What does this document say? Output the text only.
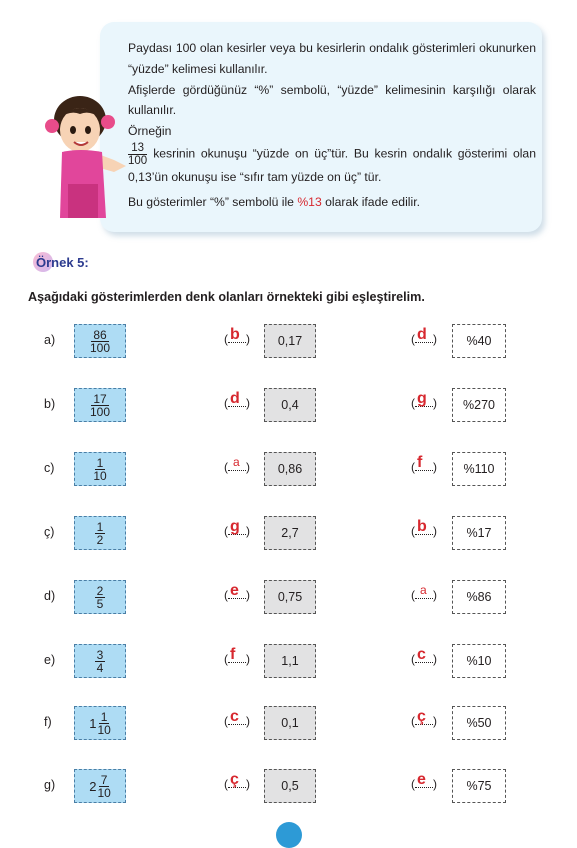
Paydası 100 olan kesirler veya bu kesirlerin ondalık gösterimleri okunurken “yüzde” kelimesi kullanılır.

Afişlerde gördüğünüz “%” sembolü, “yüzde” kelimesinin karşılığı olarak kullanılır.

Örneğin

$\frac{13}{100}$ kesrinin okunuşu “yüzde on üç”tür. Bu kesrin ondalık gösterimi olan 0,13’ün okunuşu ise “sıfır tam yüzde on üç” tür.

Bu gösterimler “%” sembolü ile %13 olarak ifade edilir.

Örnek 5:
Aşağıdaki gösterimlerden denk olanları örnekteki gibi eşleştirelim.
a)	$\frac{86}{100}$	( b )	0,17	( d )	%40
b)	$\frac{17}{100}$	( d )	0,4	( g )	%270
c)	$\frac{1}{10}$	( a )	0,86	( f )	%110
ç)	$\frac{1}{2}$	( g )	2,7	( b )	%17
d)	$\frac{2}{5}$	( e )	0,75	( a )	%86
e)	$\frac{3}{4}$	( f )	1,1	( c )	%10
f)	$1 \frac{1}{10}$	( c )	0,1	( ç )	%50
g)	$2 \frac{7}{10}$	( ç )	0,5	( e )	%75
